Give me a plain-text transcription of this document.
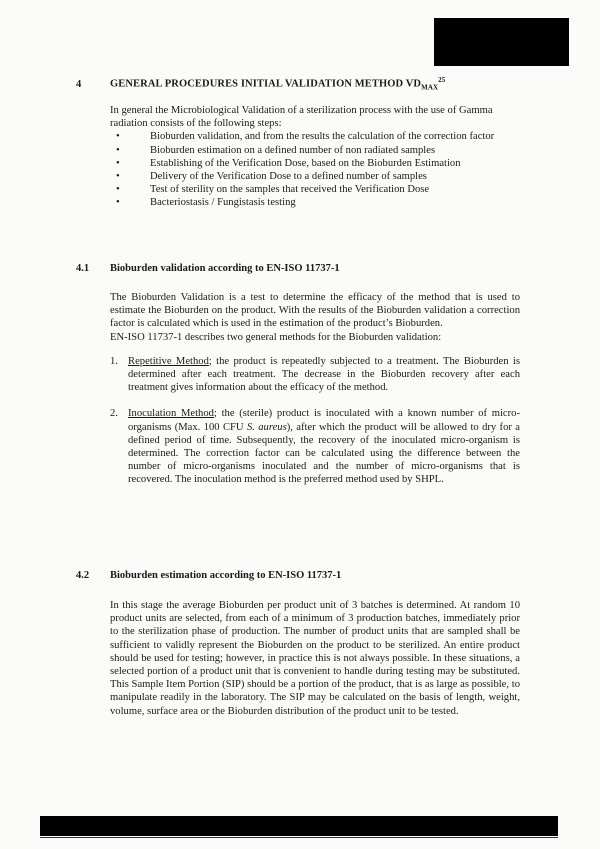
4	GENERAL PROCEDURES INITIAL VALIDATION METHOD $VD_{MAX}^{25}$

In general the Microbiological Validation of a sterilization process with the use of Gamma radiation consists of the following steps:

• Bioburden validation, and from the results the calculation of the correction factor
• Bioburden estimation on a defined number of non radiated samples
• Establishing of the Verification Dose, based on the Bioburden Estimation
• Delivery of the Verification Dose to a defined number of samples
• Test of sterility on the samples that received the Verification Dose
• Bacteriostasis / Fungistasis testing
4.1 Bioburden validation according to EN-ISO 11737-1

The Bioburden Validation is a test to determine the efficacy of the method that is used to estimate the Bioburden on the product. With the results of the Bioburden validation a correction factor is calculated which is used in the estimation of the product’s Bioburden.

EN-ISO 11737-1 describes two general methods for the Bioburden validation:

1. Repetitive Method; the product is repeatedly subjected to a treatment. The Bioburden is determined after each treatment. The decrease in the Bioburden recovery after each treatment gives information about the efficacy of the method.
2. Inoculation Method; the (sterile) product is inoculated with a known number of micro-organisms (Max. 100 CFU S. aureus), after which the product will be allowed to dry for a defined period of time. Subsequently, the recovery of the inoculated micro-organism is determined. The correction factor can be calculated using the difference between the number of micro-organisms inoculated and the number of micro-organisms that is recovered. The inoculation method is the preferred method used by SHPL.
4.2 Bioburden estimation according to EN-ISO 11737-1

In this stage the average Bioburden per product unit of 3 batches is determined. At random 10 product units are selected, from each of a minimum of 3 production batches, immediately prior to the sterilization phase of production. The number of product units that are sampled shall be sufficient to validly represent the Bioburden on the product to be sterilized. An entire product should be used for testing; however, in practice this is not always possible. In these situations, a selected portion of a product unit that is convenient to handle during testing may be substituted. This Sample Item Portion (SIP) should be a portion of the product, that is as large as possible, to manipulate readily in the laboratory. The SIP may be calculated on the basis of length, weight, volume, surface area or the Bioburden distribution of the product unit to be tested.
